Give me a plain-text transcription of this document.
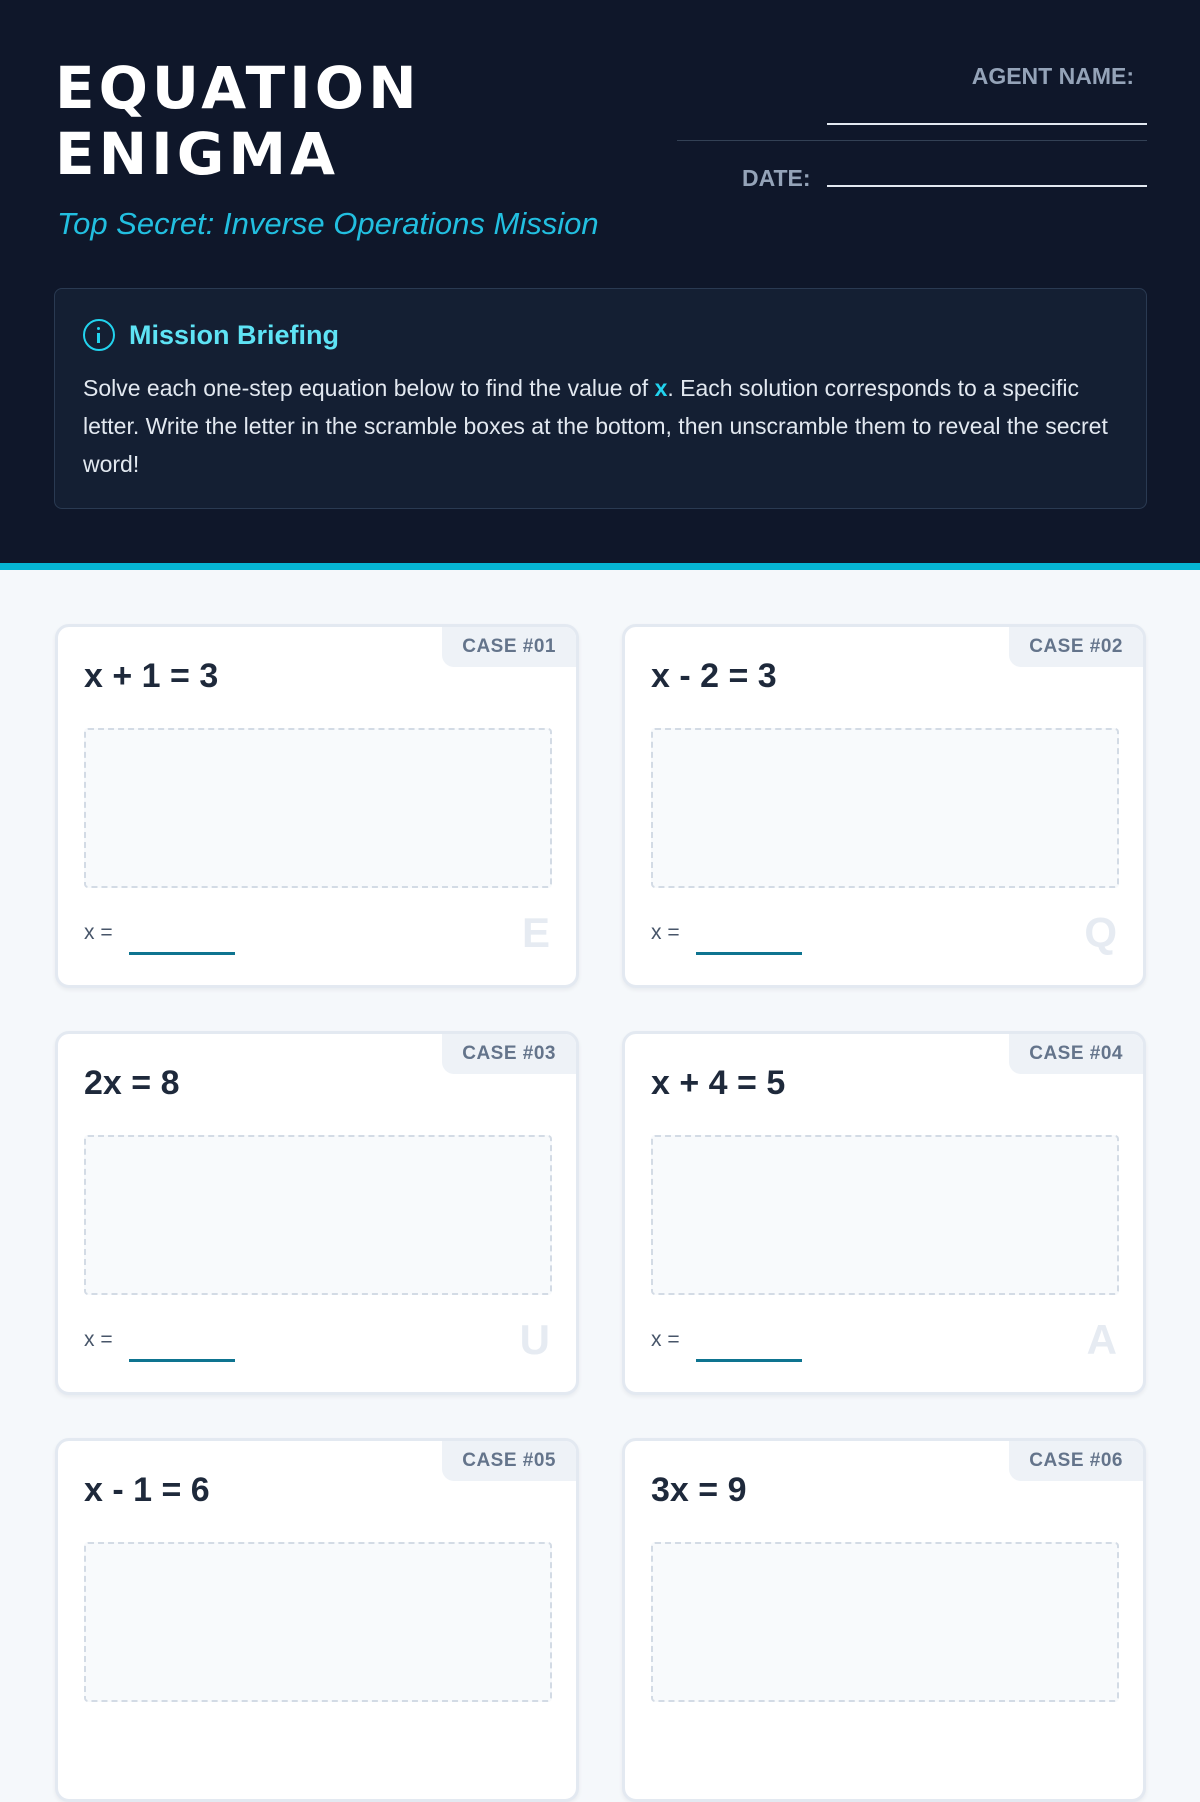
EQUATION
ENIGMA
Top Secret: Inverse Operations Mission
AGENT NAME:
DATE:
Mission Briefing
Solve each one-step equation below to find the value of x. Each solution corresponds to a specific letter. Write the letter in the scramble boxes at the bottom, then unscramble them to reveal the secret word!
CASE #01
x + 1 = 3
x =	E
CASE #02
x - 2 = 3
x =	Q
CASE #03
2x = 8
x =	U
CASE #04
x + 4 = 5
x =	A
CASE #05
x - 1 = 6
CASE #06
3x = 9
